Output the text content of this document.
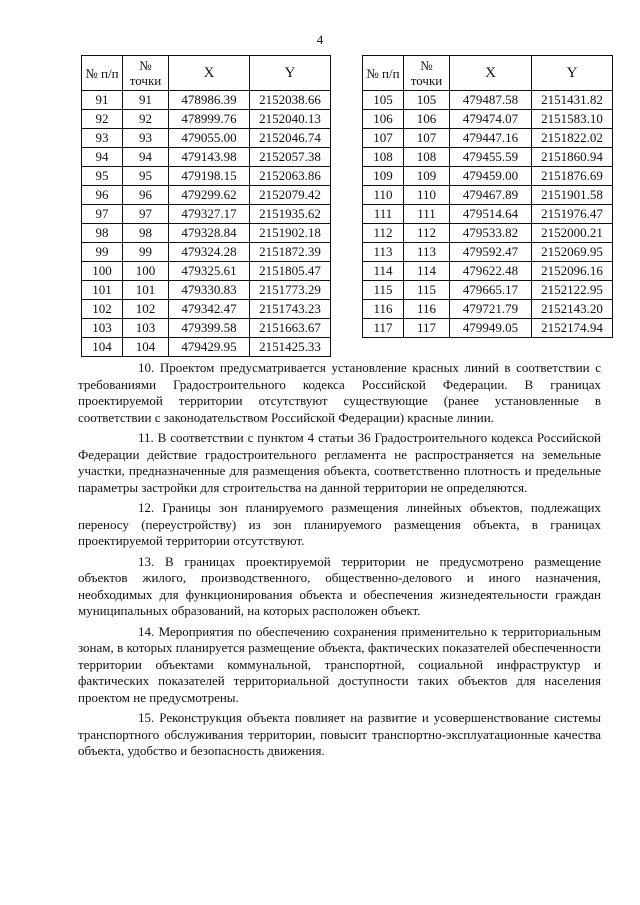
4
№ п/п	№ точки	X	Y
91	91	478986.39	2152038.66
92	92	478999.76	2152040.13
93	93	479055.00	2152046.74
94	94	479143.98	2152057.38
95	95	479198.15	2152063.86
96	96	479299.62	2152079.42
97	97	479327.17	2151935.62
98	98	479328.84	2151902.18
99	99	479324.28	2151872.39
100	100	479325.61	2151805.47
101	101	479330.83	2151773.29
102	102	479342.47	2151743.23
103	103	479399.58	2151663.67
104	104	479429.95	2151425.33
№ п/п	№ точки	X	Y
105	105	479487.58	2151431.82
106	106	479474.07	2151583.10
107	107	479447.16	2151822.02
108	108	479455.59	2151860.94
109	109	479459.00	2151876.69
110	110	479467.89	2151901.58
111	111	479514.64	2151976.47
112	112	479533.82	2152000.21
113	113	479592.47	2152069.95
114	114	479622.48	2152096.16
115	115	479665.17	2152122.95
116	116	479721.79	2152143.20
117	117	479949.05	2152174.94

10. Проектом предусматривается установление красных линий в соответствии с требованиями Градостроительного кодекса Российской Федерации. В границах проектируемой территории отсутствуют существующие (ранее установленные в соответствии с законодательством Российской Федерации) красные линии.

11. В соответствии с пунктом 4 статьи 36 Градостроительного кодекса Российской Федерации действие градостроительного регламента не распространяется на земельные участки, предназначенные для размещения объекта, соответственно плотность и предельные параметры застройки для строительства на данной территории не определяются.

12. Границы зон планируемого размещения линейных объектов, подлежащих переносу (переустройству) из зон планируемого размещения объекта, в границах проектируемой территории отсутствуют.

13. В границах проектируемой территории не предусмотрено размещение объектов жилого, производственного, общественно-делового и иного назначения, необходимых для функционирования объекта и обеспечения жизнедеятельности граждан муниципальных образований, на которых расположен объект.

14. Мероприятия по обеспечению сохранения применительно к территориальным зонам, в которых планируется размещение объекта, фактических показателей обеспеченности территории объектами коммунальной, транспортной, социальной инфраструктур и фактических показателей территориальной доступности таких объектов для населения проектом не предусмотрены.

15. Реконструкция объекта повлияет на развитие и усовершенствование системы транспортного обслуживания территории, повысит транспортно-эксплуатационные качества объекта, удобство и безопасность движения.
